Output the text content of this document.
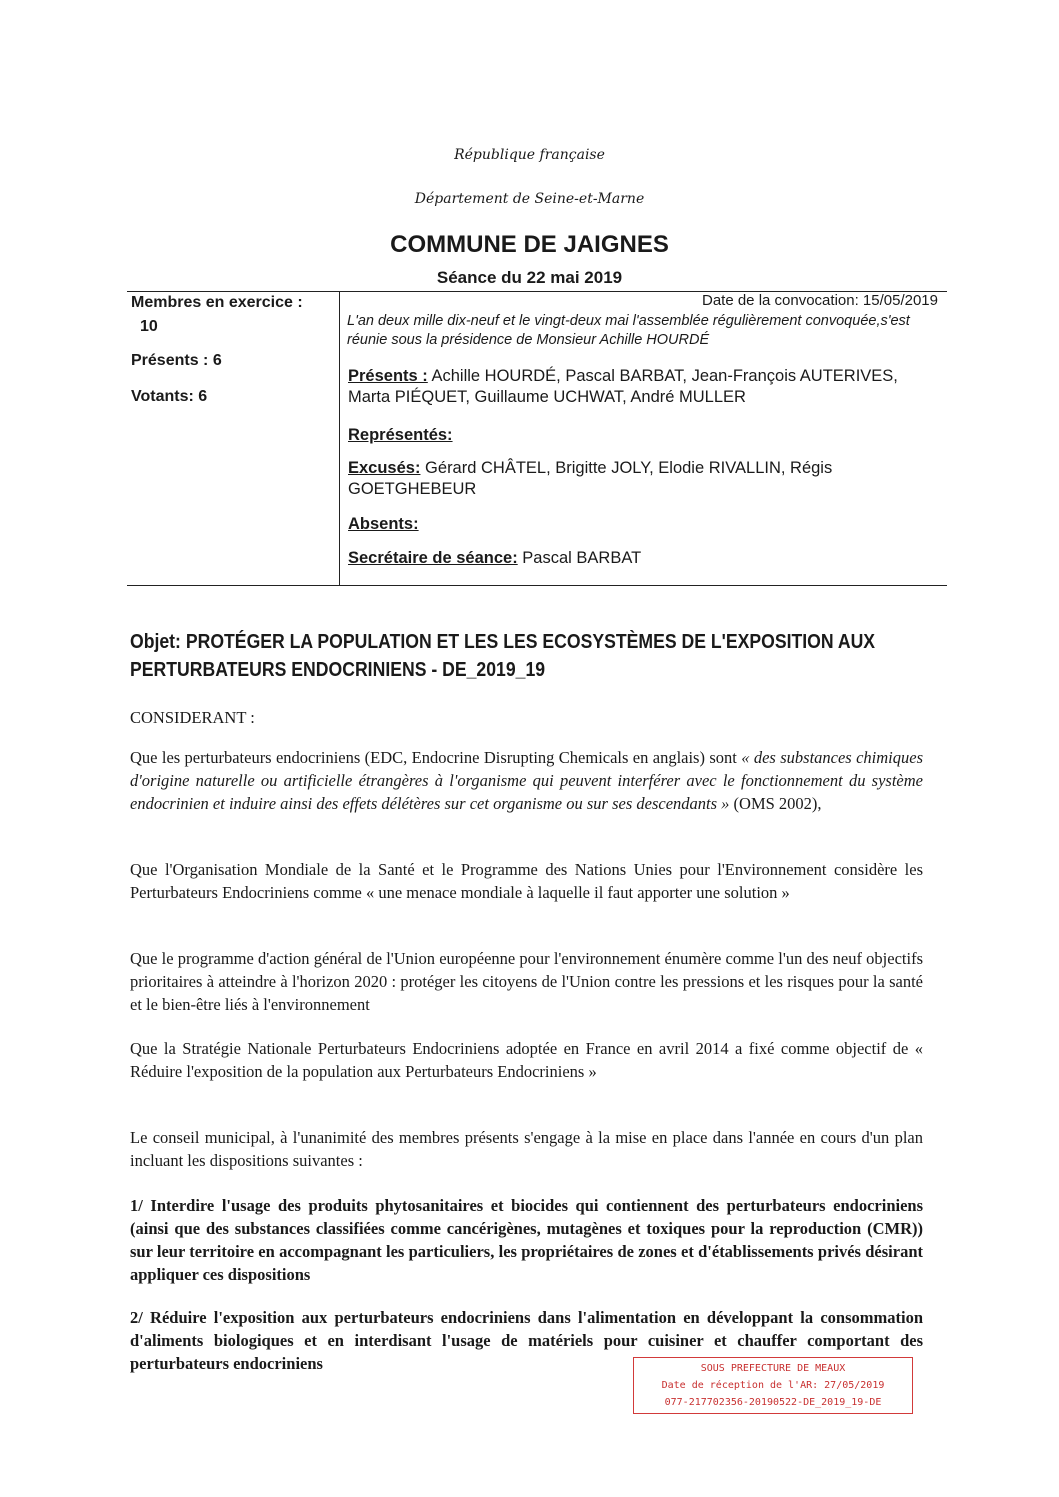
République française
Département de Seine-et-Marne
COMMUNE DE JAIGNES
Séance du 22 mai 2019
Membres en exercice :
10
Présents : 6
Votants: 6
Date de la convocation: 15/05/2019
L'an deux mille dix-neuf et le vingt-deux mai l'assemblée régulièrement convoquée,s'est réunie sous la présidence de Monsieur Achille HOURDÉ
Présents : Achille HOURDÉ, Pascal BARBAT, Jean-François AUTERIVES, Marta PIÉQUET, Guillaume UCHWAT, André MULLER
Représentés:
Excusés: Gérard CHÂTEL, Brigitte JOLY, Elodie RIVALLIN, Régis GOETGHEBEUR
Absents:
Secrétaire de séance: Pascal BARBAT
Objet: PROTÉGER LA POPULATION ET LES LES ECOSYSTÈMES DE L'EXPOSITION AUX PERTURBATEURS ENDOCRINIENS - DE_2019_19
CONSIDERANT :
Que les perturbateurs endocriniens (EDC, Endocrine Disrupting Chemicals en anglais) sont « des substances chimiques d'origine naturelle ou artificielle étrangères à l'organisme qui peuvent interférer avec le fonctionnement du système endocrinien et induire ainsi des effets délétères sur cet organisme ou sur ses descendants » (OMS 2002),
Que l'Organisation Mondiale de la Santé et le Programme des Nations Unies pour l'Environnement considère les Perturbateurs Endocriniens comme « une menace mondiale à laquelle il faut apporter une solution »
Que le programme d'action général de l'Union européenne pour l'environnement énumère comme l'un des neuf objectifs prioritaires à atteindre à l'horizon 2020 : protéger les citoyens de l'Union contre les pressions et les risques pour la santé et le bien-être liés à l'environnement
Que la Stratégie Nationale Perturbateurs Endocriniens adoptée en France en avril 2014 a fixé comme objectif de « Réduire l'exposition de la population aux Perturbateurs Endocriniens »
Le conseil municipal, à l'unanimité des membres présents s'engage à la mise en place dans l'année en cours d'un plan incluant les dispositions suivantes :
1/ Interdire l'usage des produits phytosanitaires et biocides qui contiennent des perturbateurs endocriniens (ainsi que des substances classifiées comme cancérigènes, mutagènes et toxiques pour la reproduction (CMR)) sur leur territoire en accompagnant les particuliers, les propriétaires de zones et d'établissements privés désirant appliquer ces dispositions
2/ Réduire l'exposition aux perturbateurs endocriniens dans l'alimentation en développant la consommation d'aliments biologiques et en interdisant l'usage de matériels pour cuisiner et chauffer comportant des perturbateurs endocriniens	SOUS PREFECTURE DE MEAUX
Date de réception de l'AR: 27/05/2019
077-217702356-20190522-DE_2019_19-DE
